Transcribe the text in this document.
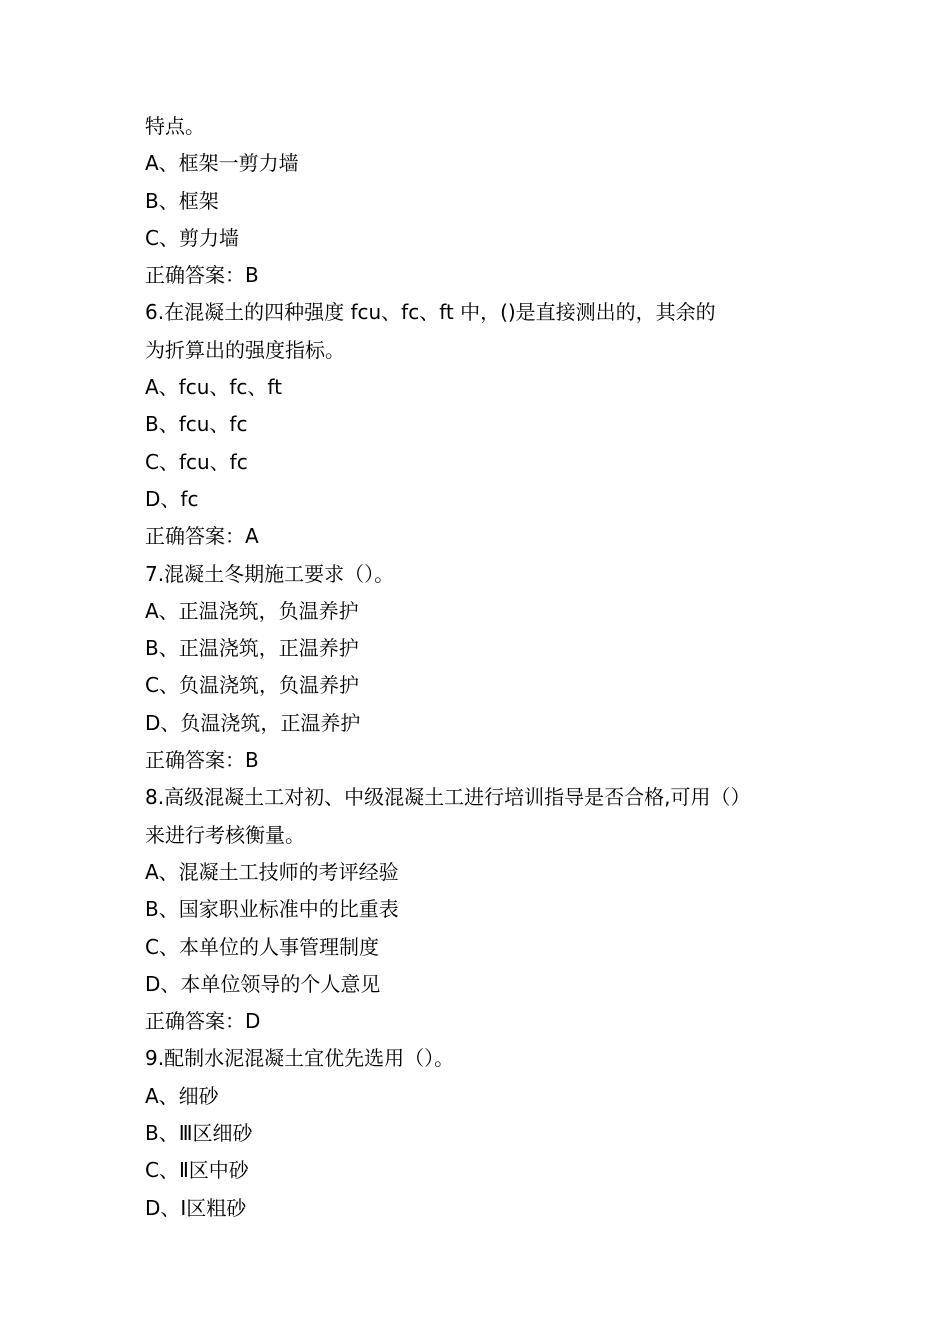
特点。
A、框架一剪力墙
B、框架
C、剪力墙
正确答案：B
6.在混凝土的四种强度 fcu、fc、ft 中，()是直接测出的，其余的
为折算出的强度指标。
A、fcu、fc、ft
B、fcu、fc
C、fcu、fc
D、fc
正确答案：A
7.混凝土冬期施工要求（）。
A、正温浇筑，负温养护
B、正温浇筑，正温养护
C、负温浇筑，负温养护
D、负温浇筑，正温养护
正确答案：B
8.高级混凝土工对初、中级混凝土工进行培训指导是否合格,可用（）
来进行考核衡量。
A、混凝土工技师的考评经验
B、国家职业标准中的比重表
C、本单位的人事管理制度
D、本单位领导的个人意见
正确答案：D
9.配制水泥混凝土宜优先选用（）。
A、细砂
B、Ⅲ区细砂
C、Ⅱ区中砂
D、Ⅰ区粗砂
